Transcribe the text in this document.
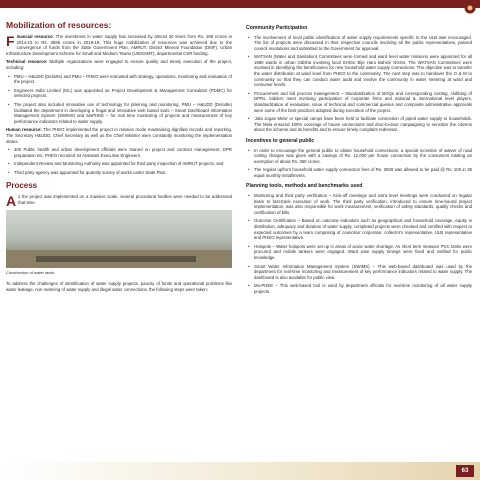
Mobilization of resources:

Financial resource: The investment in water supply has increased by almost 20 times from Rs. 169 crores in 2014-15 to Rs. 3596 crores in 2018-19. This huge mobilization of resources was achieved due to the convergence of funds from the State Government Plan, AMRUT, District Mineral Foundation (DMF), Urban Infrastructure Development Scheme for Small and Medium Towns (UIDSSMT), departmental CSR funding.

Technical resource: Multiple organizations were engaged to ensure quality and timely execution of the project, including:

• PMU – H&UDD (Deloitte) and PMU – PHEO were entrusted with strategy, operations, monitoring and evaluation of the project.
• Engineers India Limited (EIL) was appointed as Project Development & Management Consultant (PDMC) for selected projects.
• The project also included innovative use of technology for planning and monitoring. PMU – H&UDD (Deloitte) facilitated the department in developing a frugal and innovative web based tools – Smart Dashboard Information Management System (SWIMS) and MoPHEE – for real time monitoring of projects and measurement of key performance indicators related to water supply.

Human resource: The PHEO implemented the project in mission mode maintaining dignified records and reporting. The Secretary H&UDD, Chief Secretary as well as the Chief Minister were constantly monitoring the implementation status.

• 400 Public health and urban development officials were trained on project and contract management, DPR preparation etc. PHEO recruited 34 Assistant Executive Engineers.
• Independent Review and Monitoring Authority was appointed for third party inspection of AMRUT projects, and
• Third party agency was appointed for quantity survey of works under State Plan.
Process

As the project was implemented on a massive scale, several procedural hurdles were needed to be addressed that time.

Construction of water tanks

To address the challenges of identification of water supply projects, paucity of funds and operational problems like water leakage, non metering of water supply and illegal water connections, the following steps were taken:

Community Participation
• The involvement of local public identification of water supply requirements specific to the ULB was encouraged. The list of projects were discussed in their respective councils involving all the public representatives, passed council resolutions and submitted to the Government for approval.
• WATSAN (Water and Sanitation) Committees were formed and ward level water missions were appointed for all 1980 wards in urban Odisha involving local SHGs/ Bije Haru Bahini/ NGOs. The WATSAN Committees were involved in identifying the beneficiaries for new household water supply connections. The objective was to transfer the water distribution at ward level from PHEO to the community. The next step was to handover the O & M to community so that they can conduct water audit and involve the community in water metering at ward and consumer levels.
• Procurement and bid process management – Standardization of BOQs and corresponding costing, clubbing of DPRs, bidders meet involving participation of corporate firms and national & international level players, standardization of evaluation, issue of technical and commercial queries and composite administrative approvals were some of the best practices adopted during execution of the project.
• 'Jala Jogan Mela' or special camps have been held to facilitate connection of piped water supply to households. The Mela ensured 100% coverage of house connections and door-to-door campaigning to sensitize the citizens about the scheme and its benefits and to ensure timely complaint redressal.
Incentives to general public
• In order to encourage the general public to obtain household connections, a special incentive of waiver of road cutting charges was given with a savings of Rs. 12,000 per house connection by the consumers totaling an exemption of about Rs. 360 crores.
• The regular upfront household water supply connection fees of Rs. 3600 was allowed to be paid @ Rs. 100 in 36 equal monthly installments.
Planning tools, methods and benchmarks used
• Monitoring and third party verification – Kick-off meetings and extra level meetings were conducted on regular basis to fast-track execution of work. The third party verification, introduced to ensure time-bound project implementation, was also responsible for work measurement, verification of safety standards, quality checks and certification of bills.
• Outcome Certification – Based on outcome indicators such as geographical and household coverage, equity in distribution, adequacy and duration of water supply, completed projects were checked and certified with respect to expected outcomes by a team comprising of councilor/ corporator, collector's representative, ULB representative and PHEO representative.
• Hotspots – Water hotspots were set up in areas of acute water shortage. As short term measure PVC tanks were procured and mobile tankers were engaged. Ward wise supply timings were fixed and notified for public knowledge.
• Smart Water Information Management System (SWIMS) – This web-based dashboard was used by the department for real-time monitoring and measurement of key performance indicators related to water supply. The dashboard is also available for public view.
• Mo-PHEE – This web-based tool is used by department officials for real-time monitoring of all water supply projects.
63
